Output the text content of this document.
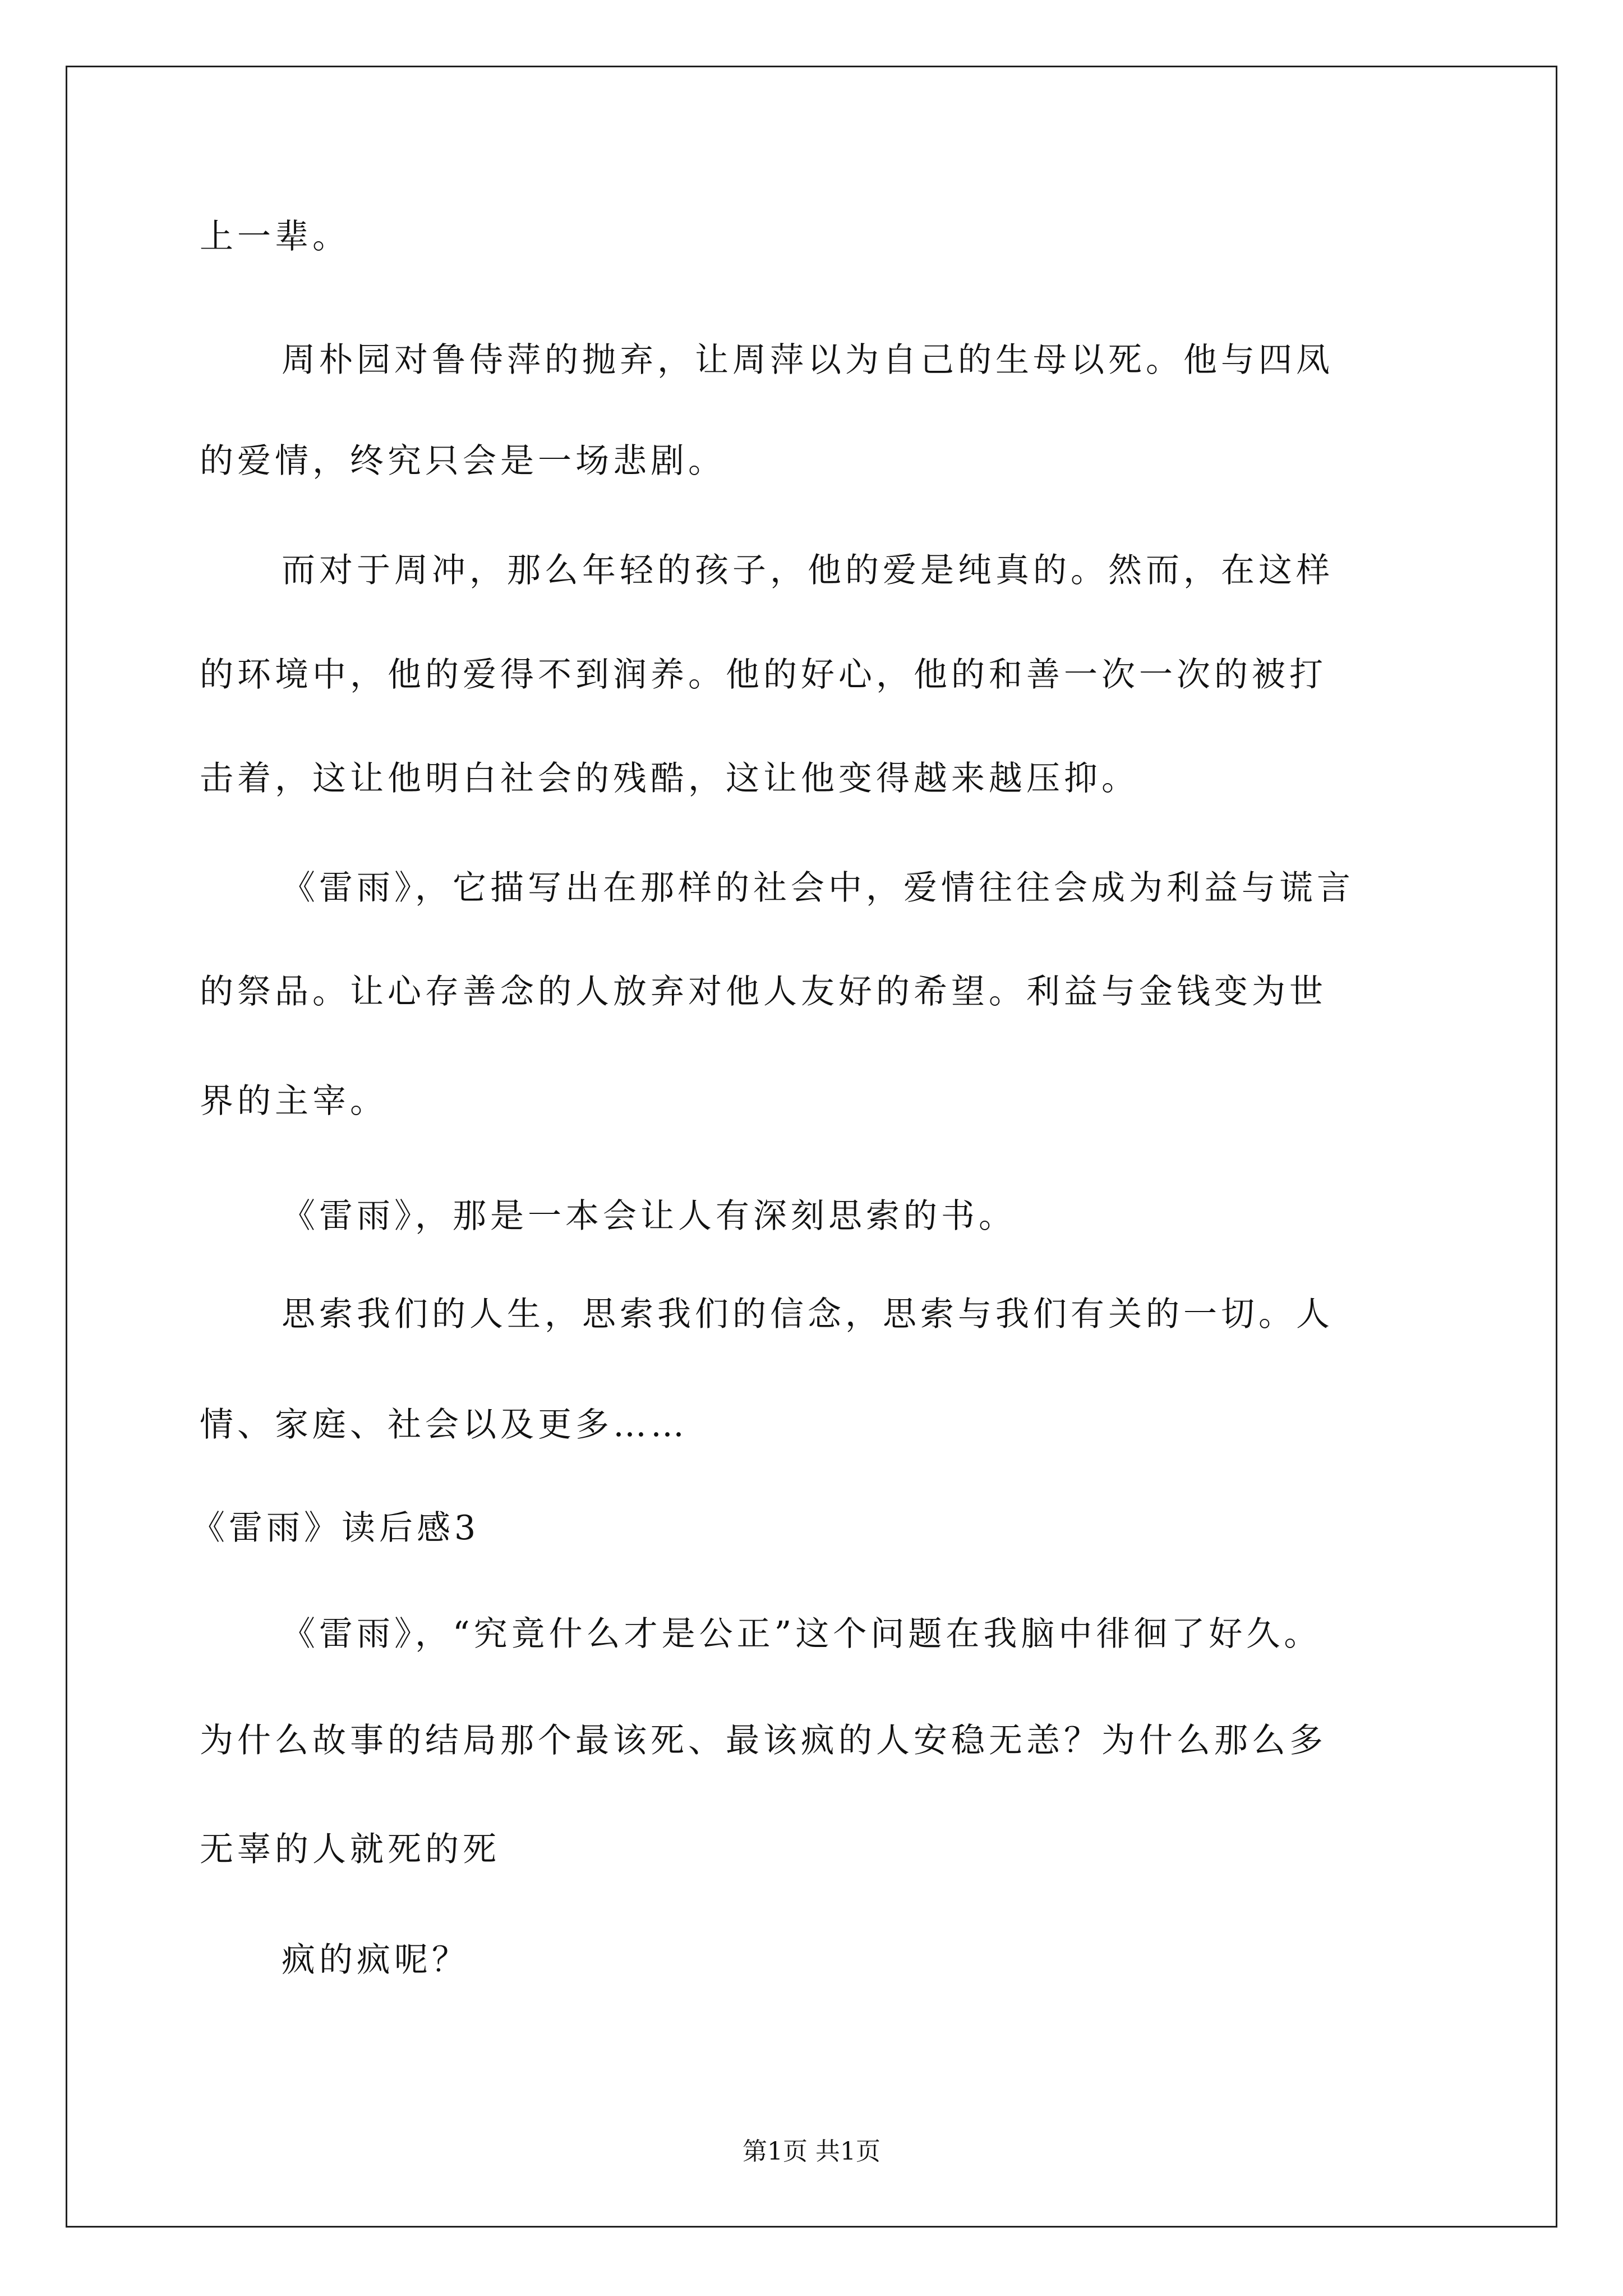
上一辈。

周朴园对鲁侍萍的抛弃，让周萍以为自己的生母以死。他与四凤

的爱情，终究只会是一场悲剧。

而对于周冲，那么年轻的孩子，他的爱是纯真的。然而，在这样

的环境中，他的爱得不到润养。他的好心，他的和善一次一次的被打

击着，这让他明白社会的残酷，这让他变得越来越压抑。

《雷雨》，它描写出在那样的社会中，爱情往往会成为利益与谎言

的祭品。让心存善念的人放弃对他人友好的希望。利益与金钱变为世

界的主宰。

《雷雨》，那是一本会让人有深刻思索的书。

思索我们的人生，思索我们的信念，思索与我们有关的一切。人

情、家庭、社会以及更多……

《雷雨》读后感3

《雷雨》，“究竟什么才是公正”这个问题在我脑中徘徊了好久。

为什么故事的结局那个最该死、最该疯的人安稳无恙？为什么那么多

无辜的人就死的死

疯的疯呢？

第1页 共1页
